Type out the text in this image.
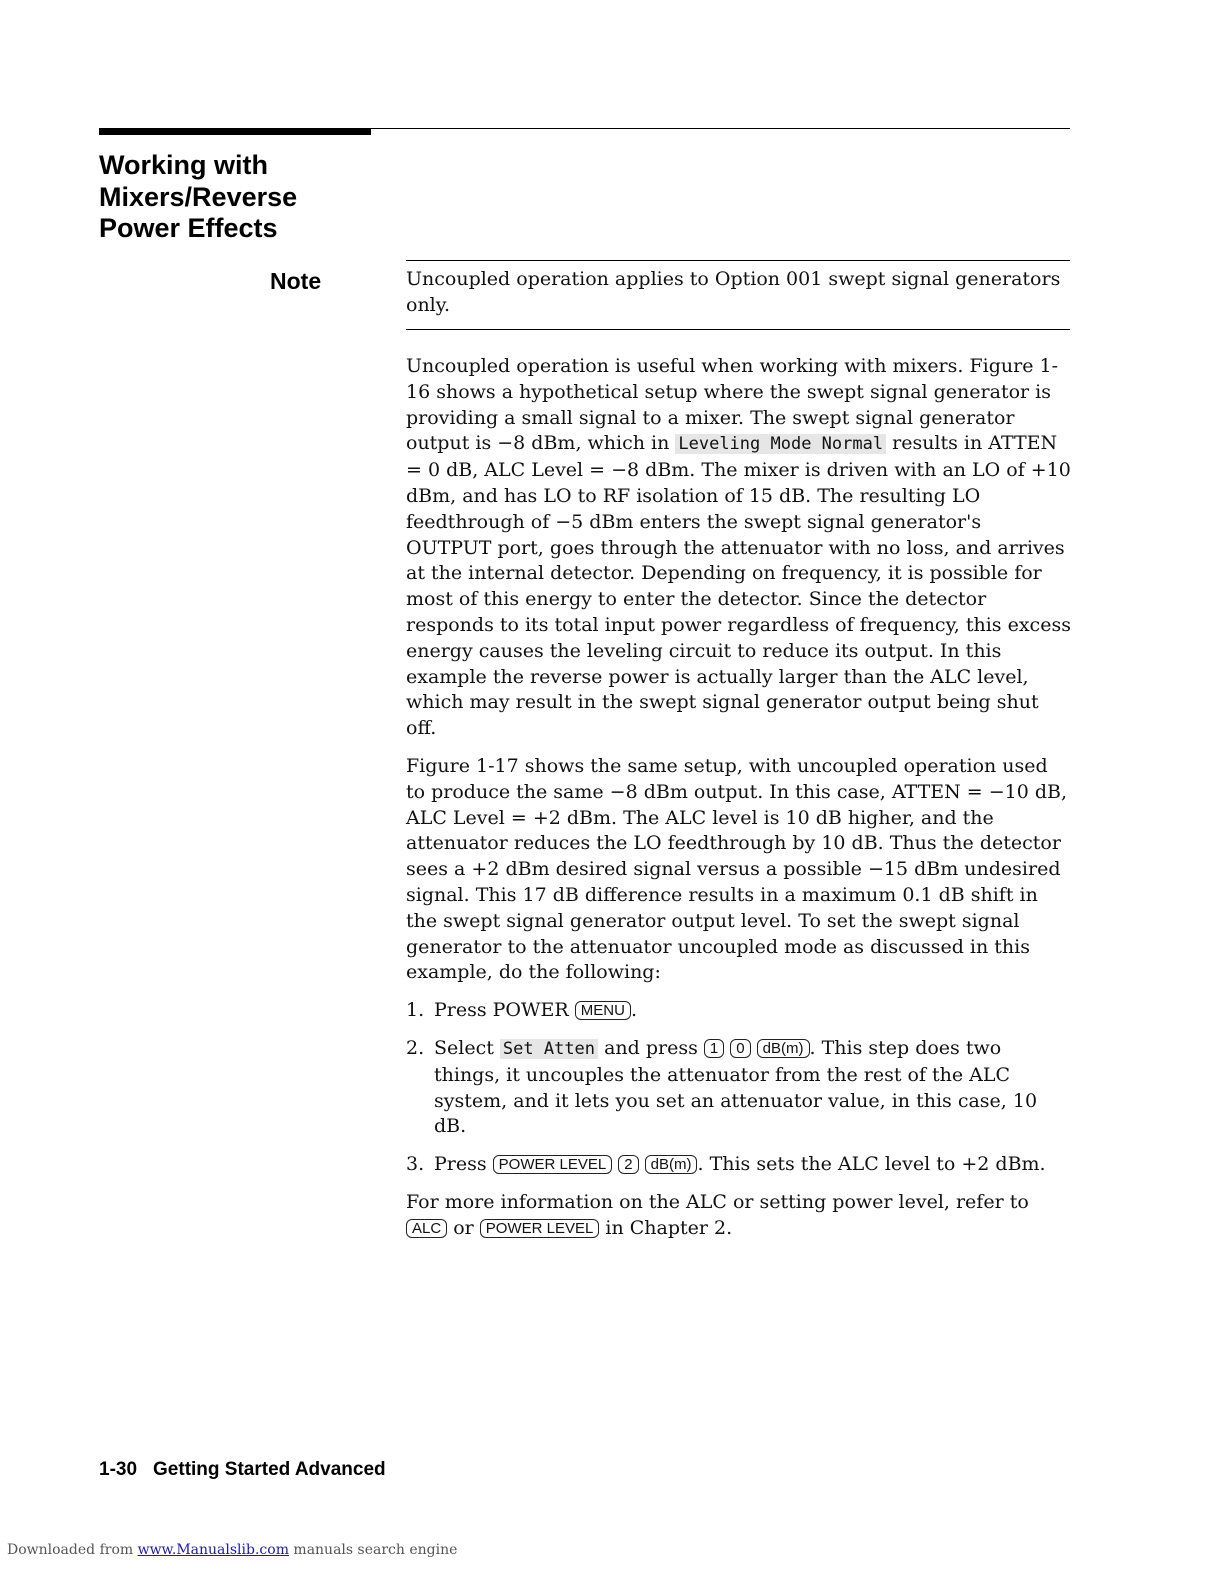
Working with
Mixers/Reverse
Power Effects
Note	Uncoupled operation applies to Option 001 swept signal generators only.

Uncoupled operation is useful when working with mixers. Figure 1-16 shows a hypothetical setup where the swept signal generator is providing a small signal to a mixer. The swept signal generator output is −8 dBm, which in Leveling Mode Normal results in ATTEN = 0 dB, ALC Level = −8 dBm. The mixer is driven with an LO of +10 dBm, and has LO to RF isolation of 15 dB. The resulting LO feedthrough of −5 dBm enters the swept signal generator's OUTPUT port, goes through the attenuator with no loss, and arrives at the internal detector. Depending on frequency, it is possible for most of this energy to enter the detector. Since the detector responds to its total input power regardless of frequency, this excess energy causes the leveling circuit to reduce its output. In this example the reverse power is actually larger than the ALC level, which may result in the swept signal generator output being shut off.

Figure 1-17 shows the same setup, with uncoupled operation used to produce the same −8 dBm output. In this case, ATTEN = −10 dB, ALC Level = +2 dBm. The ALC level is 10 dB higher, and the attenuator reduces the LO feedthrough by 10 dB. Thus the detector sees a +2 dBm desired signal versus a possible −15 dBm undesired signal. This 17 dB difference results in a maximum 0.1 dB shift in the swept signal generator output level. To set the swept signal generator to the attenuator uncoupled mode as discussed in this example, do the following:

1. Press POWER MENU .
2. Select Set Atten and press 1 0 dB(m) . This step does two things, it uncouples the attenuator from the rest of the ALC system, and it lets you set an attenuator value, in this case, 10 dB.
3. Press POWER LEVEL 2 dB(m) . This sets the ALC level to +2 dBm.

For more information on the ALC or setting power level, refer to ALC or POWER LEVEL in Chapter 2.

1-30 Getting Started Advanced
Downloaded from www.Manualslib.com manuals search engine
